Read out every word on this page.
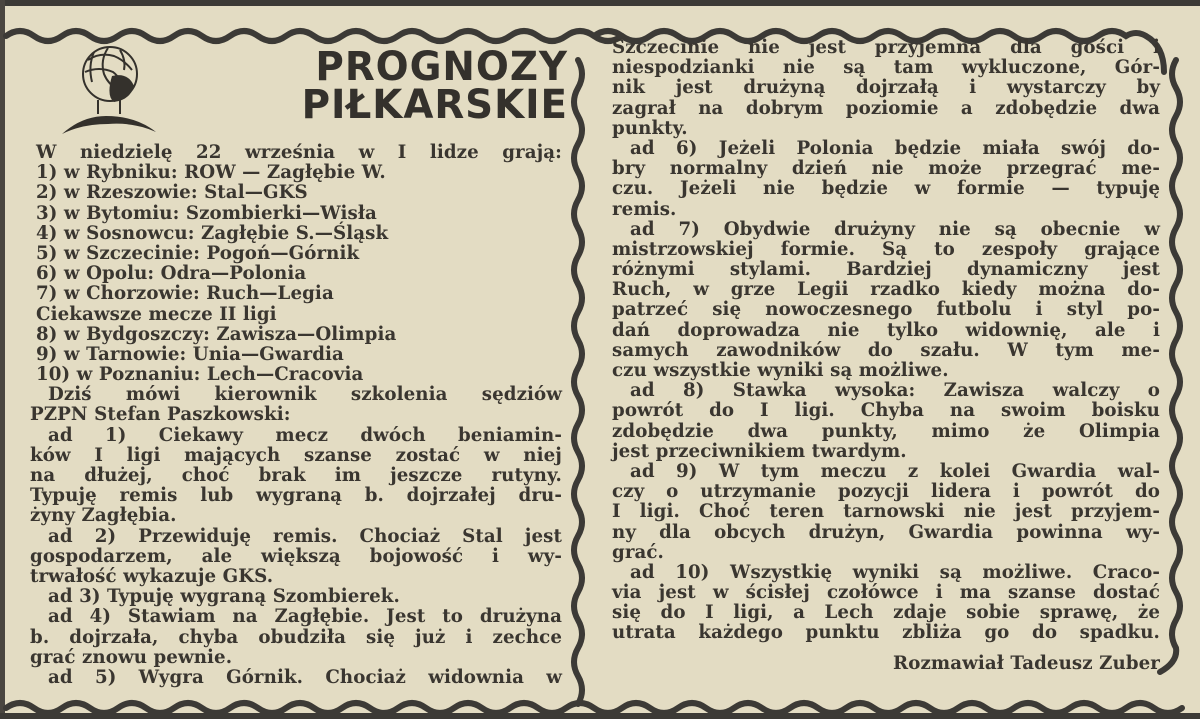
PROGNOZY
PIŁKARSKIE
W niedzielę 22 września w I lidze grają:
1) w Rybniku: ROW — Zagłębie W.
2) w Rzeszowie: Stal—GKS
3) w Bytomiu: Szombierki—Wisła
4) w Sosnowcu: Zagłębie S.—Śląsk
5) w Szczecinie: Pogoń—Górnik
6) w Opolu: Odra—Polonia
7) w Chorzowie: Ruch—Legia
Ciekawsze mecze II ligi
8) w Bydgoszczy: Zawisza—Olimpia
9) w Tarnowie: Unia—Gwardia
10) w Poznaniu: Lech—Cracovia
Dziś mówi kierownik szkolenia sędziów
PZPN Stefan Paszkowski:
ad 1) Ciekawy mecz dwóch beniamin-
ków I ligi mających szanse zostać w niej
na dłużej, choć brak im jeszcze rutyny.
Typuję remis lub wygraną b. dojrzałej dru-
żyny Zagłębia.
ad 2) Przewiduję remis. Chociaż Stal jest
gospodarzem, ale większą bojowość i wy-
trwałość wykazuje GKS.
ad 3) Typuję wygraną Szombierek.
ad 4) Stawiam na Zagłębie. Jest to drużyna
b. dojrzała, chyba obudziła się już i zechce
grać znowu pewnie.
ad 5) Wygra Górnik. Chociaż widownia w
Szczecinie nie jest przyjemna dla gości i
niespodzianki nie są tam wykluczone, Gór-
nik jest drużyną dojrzałą i wystarczy by
zagrał na dobrym poziomie a zdobędzie dwa
punkty.
ad 6) Jeżeli Polonia będzie miała swój do-
bry normalny dzień nie może przegrać me-
czu. Jeżeli nie będzie w formie — typuję
remis.
ad 7) Obydwie drużyny nie są obecnie w
mistrzowskiej formie. Są to zespoły grające
różnymi stylami. Bardziej dynamiczny jest
Ruch, w grze Legii rzadko kiedy można do-
patrzeć się nowoczesnego futbolu i styl po-
dań doprowadza nie tylko widownię, ale i
samych zawodników do szału. W tym me-
czu wszystkie wyniki są możliwe.
ad 8) Stawka wysoka: Zawisza walczy o
powrót do I ligi. Chyba na swoim boisku
zdobędzie dwa punkty, mimo że Olimpia
jest przeciwnikiem twardym.
ad 9) W tym meczu z kolei Gwardia wal-
czy o utrzymanie pozycji lidera i powrót do
I ligi. Choć teren tarnowski nie jest przyjem-
ny dla obcych drużyn, Gwardia powinna wy-
grać.
ad 10) Wszystkię wyniki są możliwe. Craco-
via jest w ścisłej czołówce i ma szanse dostać
się do I ligi, a Lech zdaje sobie sprawę, że
utrata każdego punktu zbliża go do spadku.
Rozmawiał Tadeusz Zuber
